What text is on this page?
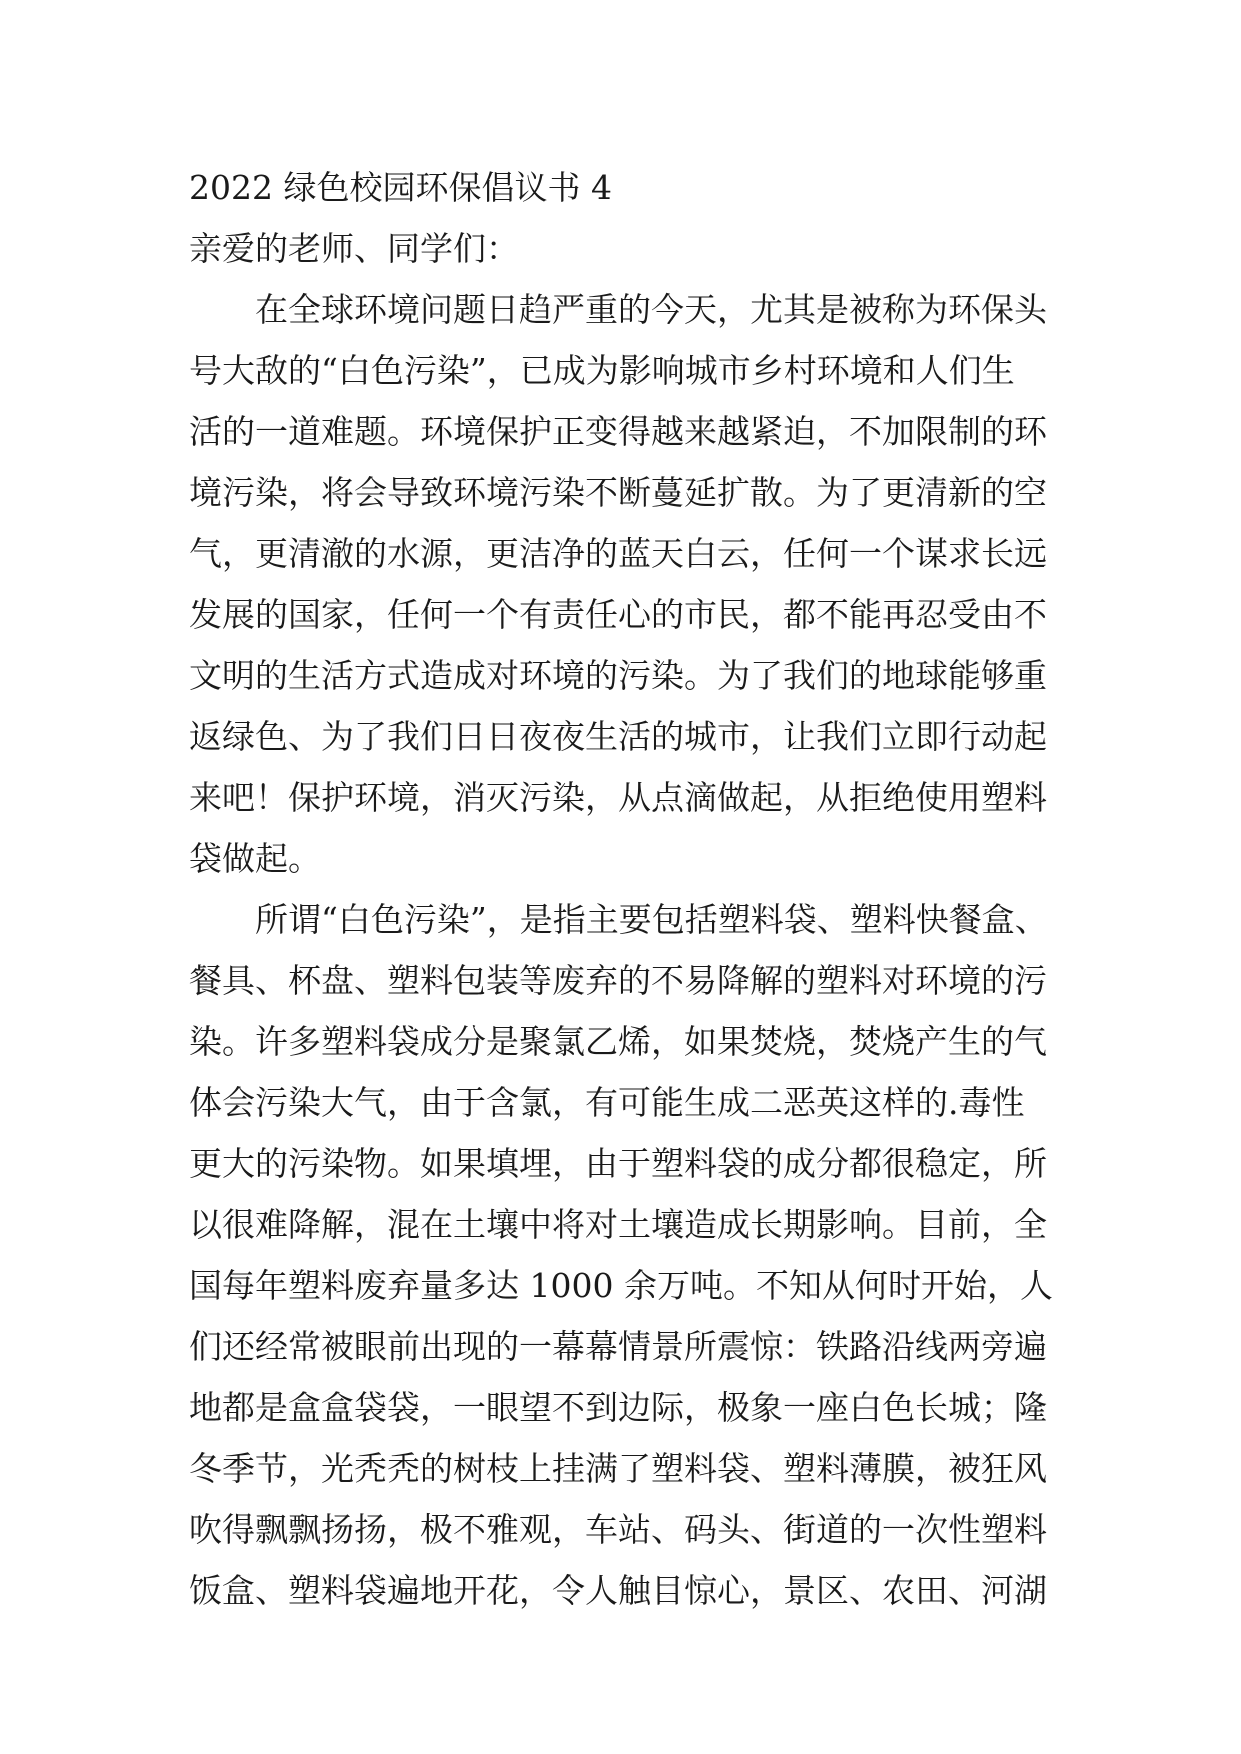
2022 绿色校园环保倡议书 4

亲爱的老师、同学们：

在全球环境问题日趋严重的今天，尤其是被称为环保头

号大敌的“白色污染”，已成为影响城市乡村环境和人们生

活的一道难题。环境保护正变得越来越紧迫，不加限制的环

境污染，将会导致环境污染不断蔓延扩散。为了更清新的空

气，更清澈的水源，更洁净的蓝天白云，任何一个谋求长远

发展的国家，任何一个有责任心的市民，都不能再忍受由不

文明的生活方式造成对环境的污染。为了我们的地球能够重

返绿色、为了我们日日夜夜生活的城市，让我们立即行动起

来吧！保护环境，消灭污染，从点滴做起，从拒绝使用塑料

袋做起。

所谓“白色污染”，是指主要包括塑料袋、塑料快餐盒、

餐具、杯盘、塑料包装等废弃的不易降解的塑料对环境的污

染。许多塑料袋成分是聚氯乙烯，如果焚烧，焚烧产生的气

体会污染大气，由于含氯，有可能生成二恶英这样的.毒性

更大的污染物。如果填埋，由于塑料袋的成分都很稳定，所

以很难降解，混在土壤中将对土壤造成长期影响。目前，全

国每年塑料废弃量多达 1000 余万吨。不知从何时开始，人

们还经常被眼前出现的一幕幕情景所震惊：铁路沿线两旁遍

地都是盒盒袋袋，一眼望不到边际，极象一座白色长城；隆

冬季节，光秃秃的树枝上挂满了塑料袋、塑料薄膜，被狂风

吹得飘飘扬扬，极不雅观，车站、码头、街道的一次性塑料

饭盒、塑料袋遍地开花，令人触目惊心，景区、农田、河湖
